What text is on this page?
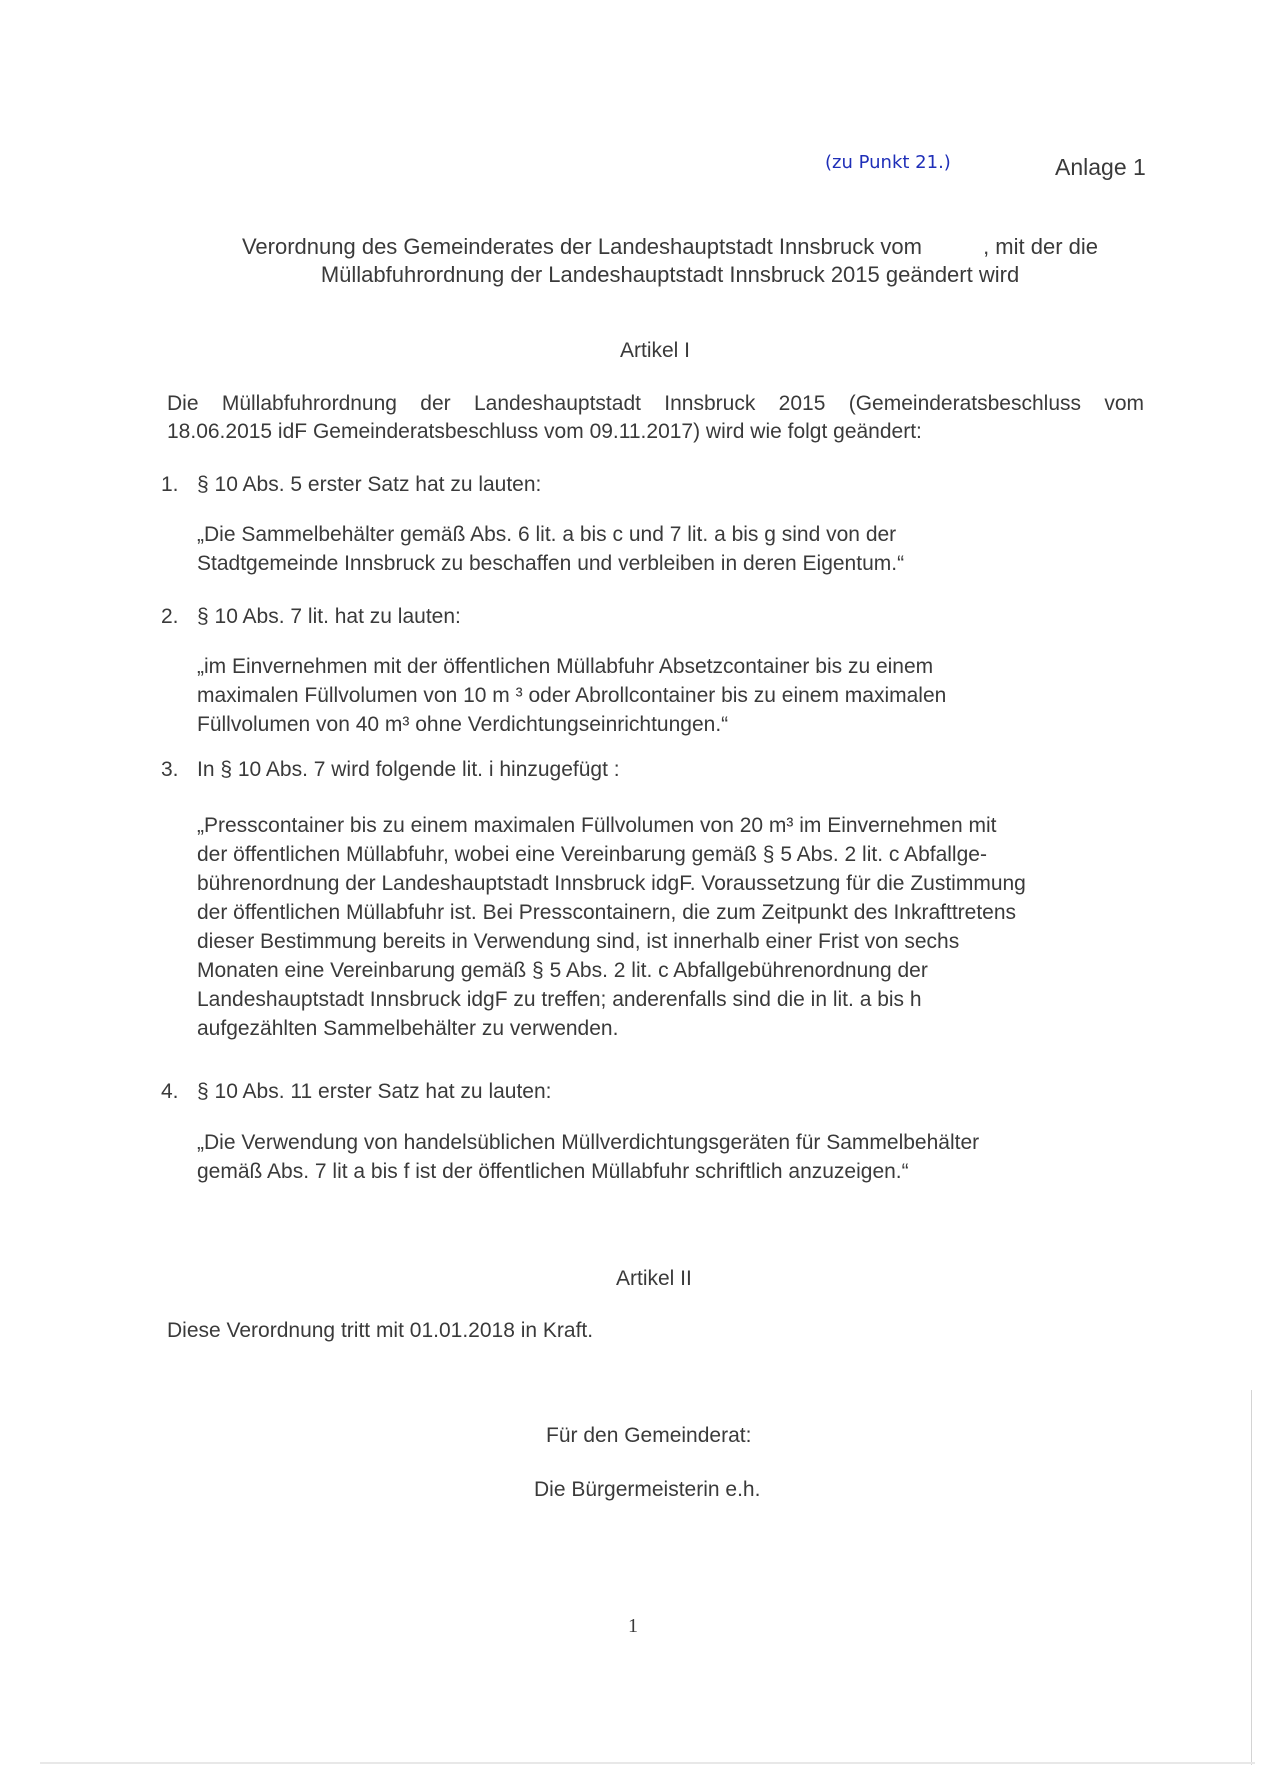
(zu Punkt 21.)	Anlage 1
Verordnung des Gemeinderates der Landeshauptstadt Innsbruck vom          , mit der die
Müllabfuhrordnung der Landeshauptstadt Innsbruck 2015 geändert wird
Artikel I
Die Müllabfuhrordnung der Landeshauptstadt Innsbruck 2015 (Gemeinderatsbeschluss vom
18.06.2015 idF Gemeinderatsbeschluss vom 09.11.2017) wird wie folgt geändert:
1. § 10 Abs. 5 erster Satz hat zu lauten:
„Die Sammelbehälter gemäß Abs. 6 lit. a bis c und 7 lit. a bis g sind von der
Stadtgemeinde Innsbruck zu beschaffen und verbleiben in deren Eigentum.“
2. § 10 Abs. 7 lit. hat zu lauten:
„im Einvernehmen mit der öffentlichen Müllabfuhr Absetzcontainer bis zu einem
maximalen Füllvolumen von 10 m ³ oder Abrollcontainer bis zu einem maximalen
Füllvolumen von 40 m³ ohne Verdichtungseinrichtungen.“
3. In § 10 Abs. 7 wird folgende lit. i hinzugefügt :
„Presscontainer bis zu einem maximalen Füllvolumen von 20 m³ im Einvernehmen mit
der öffentlichen Müllabfuhr, wobei eine Vereinbarung gemäß § 5 Abs. 2 lit. c Abfallge-
bührenordnung der Landeshauptstadt Innsbruck idgF. Voraussetzung für die Zustimmung
der öffentlichen Müllabfuhr ist. Bei Presscontainern, die zum Zeitpunkt des Inkrafttretens
dieser Bestimmung bereits in Verwendung sind, ist innerhalb einer Frist von sechs
Monaten eine Vereinbarung gemäß § 5 Abs. 2 lit. c Abfallgebührenordnung der
Landeshauptstadt Innsbruck idgF zu treffen; anderenfalls sind die in lit. a bis h
aufgezählten Sammelbehälter zu verwenden.
4. § 10 Abs. 11 erster Satz hat zu lauten:
„Die Verwendung von handelsüblichen Müllverdichtungsgeräten für Sammelbehälter
gemäß Abs. 7 lit a bis f ist der öffentlichen Müllabfuhr schriftlich anzuzeigen.“
Artikel II
Diese Verordnung tritt mit 01.01.2018 in Kraft.
Für den Gemeinderat:
Die Bürgermeisterin e.h.
1
